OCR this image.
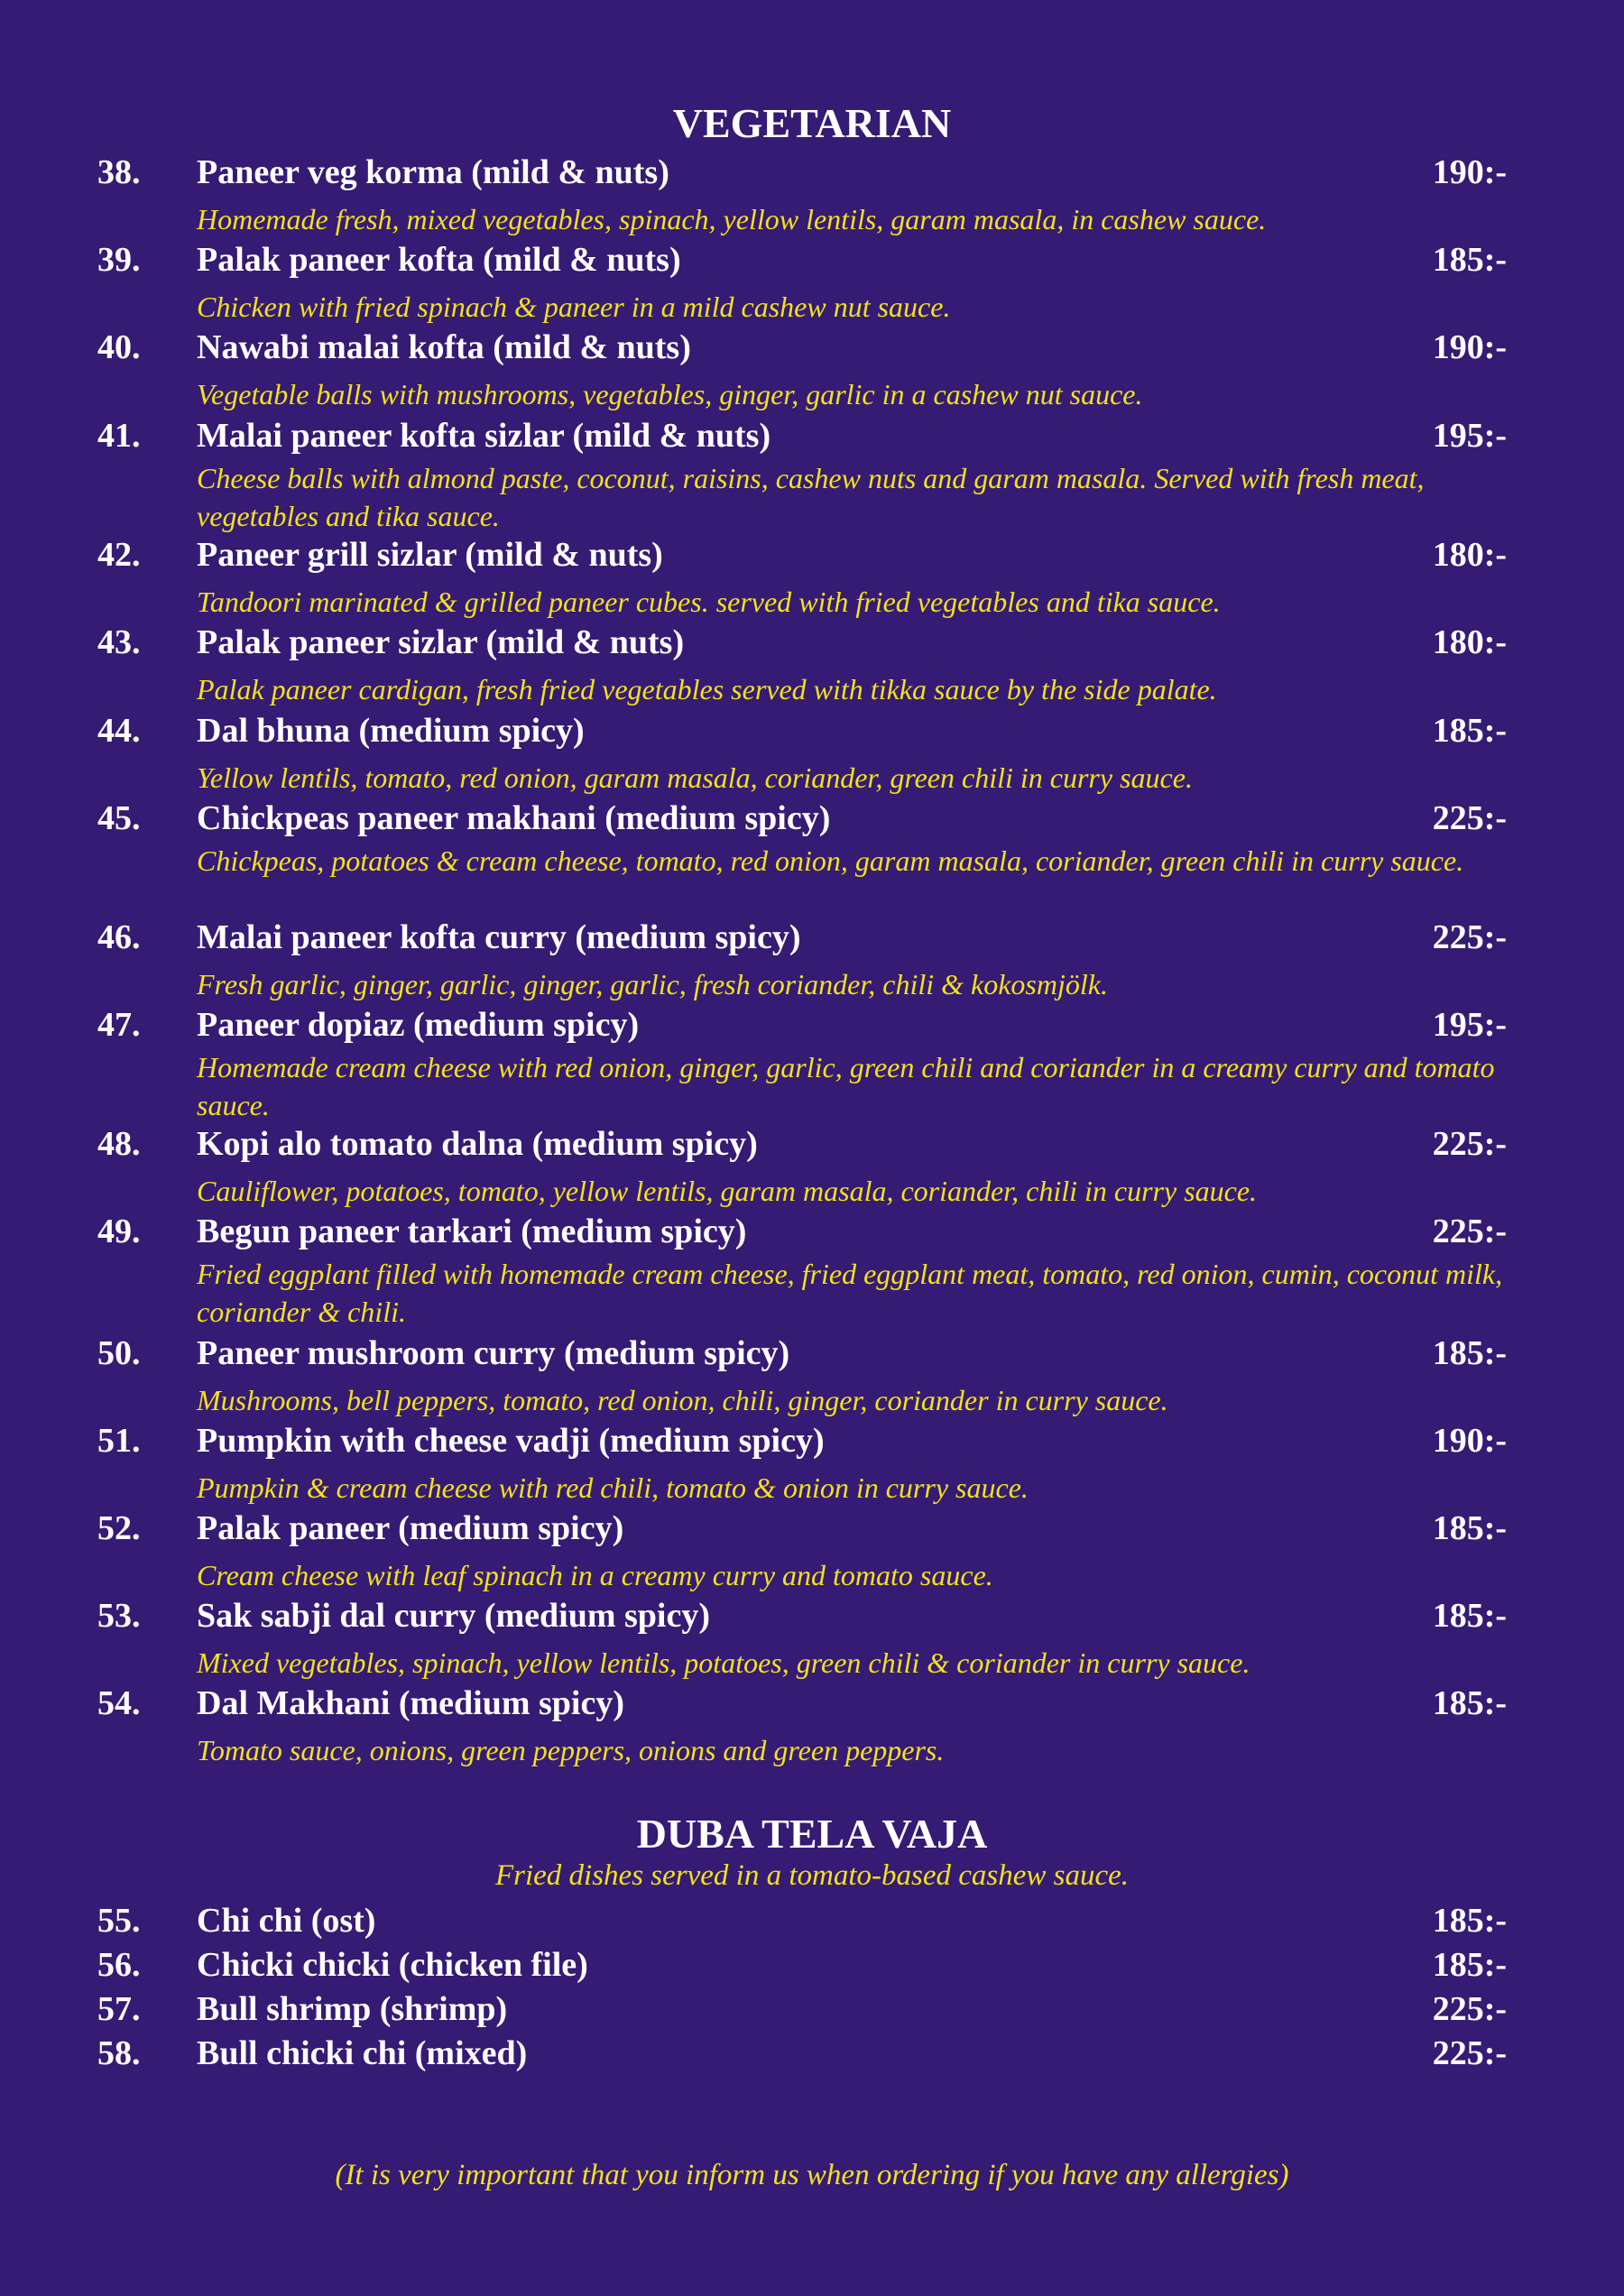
VEGETARIAN
38. Paneer veg korma (mild & nuts)	190:-
Homemade fresh, mixed vegetables, spinach, yellow lentils, garam masala, in cashew sauce.
39. Palak paneer kofta (mild & nuts)	185:-
Chicken with fried spinach & paneer in a mild cashew nut sauce.
40. Nawabi malai kofta (mild & nuts)	190:-
Vegetable balls with mushrooms, vegetables, ginger, garlic in a cashew nut sauce.
41. Malai paneer kofta sizlar (mild & nuts)	195:-
Cheese balls with almond paste, coconut, raisins, cashew nuts and garam masala. Served with fresh meat, vegetables and tika sauce.
42. Paneer grill sizlar (mild & nuts)	180:-
Tandoori marinated & grilled paneer cubes. served with fried vegetables and tika sauce.
43. Palak paneer sizlar (mild & nuts)	180:-
Palak paneer cardigan, fresh fried vegetables served with tikka sauce by the side palate.
44. Dal bhuna (medium spicy)	185:-
Yellow lentils, tomato, red onion, garam masala, coriander, green chili in curry sauce.
45. Chickpeas paneer makhani (medium spicy)	225:-
Chickpeas, potatoes & cream cheese, tomato, red onion, garam masala, coriander, green chili in curry sauce.
46. Malai paneer kofta curry (medium spicy)	225:-
Fresh garlic, ginger, garlic, ginger, garlic, fresh coriander, chili & kokosmjölk.
47. Paneer dopiaz (medium spicy)	195:-
Homemade cream cheese with red onion, ginger, garlic, green chili and coriander in a creamy curry and tomato sauce.
48. Kopi alo tomato dalna (medium spicy)	225:-
Cauliflower, potatoes, tomato, yellow lentils, garam masala, coriander, chili in curry sauce.
49. Begun paneer tarkari (medium spicy)	225:-
Fried eggplant filled with homemade cream cheese, fried eggplant meat, tomato, red onion, cumin, coconut milk, coriander & chili.
50. Paneer mushroom curry (medium spicy)	185:-
Mushrooms, bell peppers, tomato, red onion, chili, ginger, coriander in curry sauce.
51. Pumpkin with cheese vadji (medium spicy)	190:-
Pumpkin & cream cheese with red chili, tomato & onion in curry sauce.
52. Palak paneer (medium spicy)	185:-
Cream cheese with leaf spinach in a creamy curry and tomato sauce.
53. Sak sabji dal curry (medium spicy)	185:-
Mixed vegetables, spinach, yellow lentils, potatoes, green chili & coriander in curry sauce.
54. Dal Makhani (medium spicy)	185:-
Tomato sauce, onions, green peppers, onions and green peppers.
DUBA TELA VAJA
Fried dishes served in a tomato-based cashew sauce.
55. Chi chi (ost)	185:-
56. Chicki chicki (chicken file)	185:-
57. Bull shrimp (shrimp)	225:-
58. Bull chicki chi (mixed)	225:-
(It is very important that you inform us when ordering if you have any allergies)
